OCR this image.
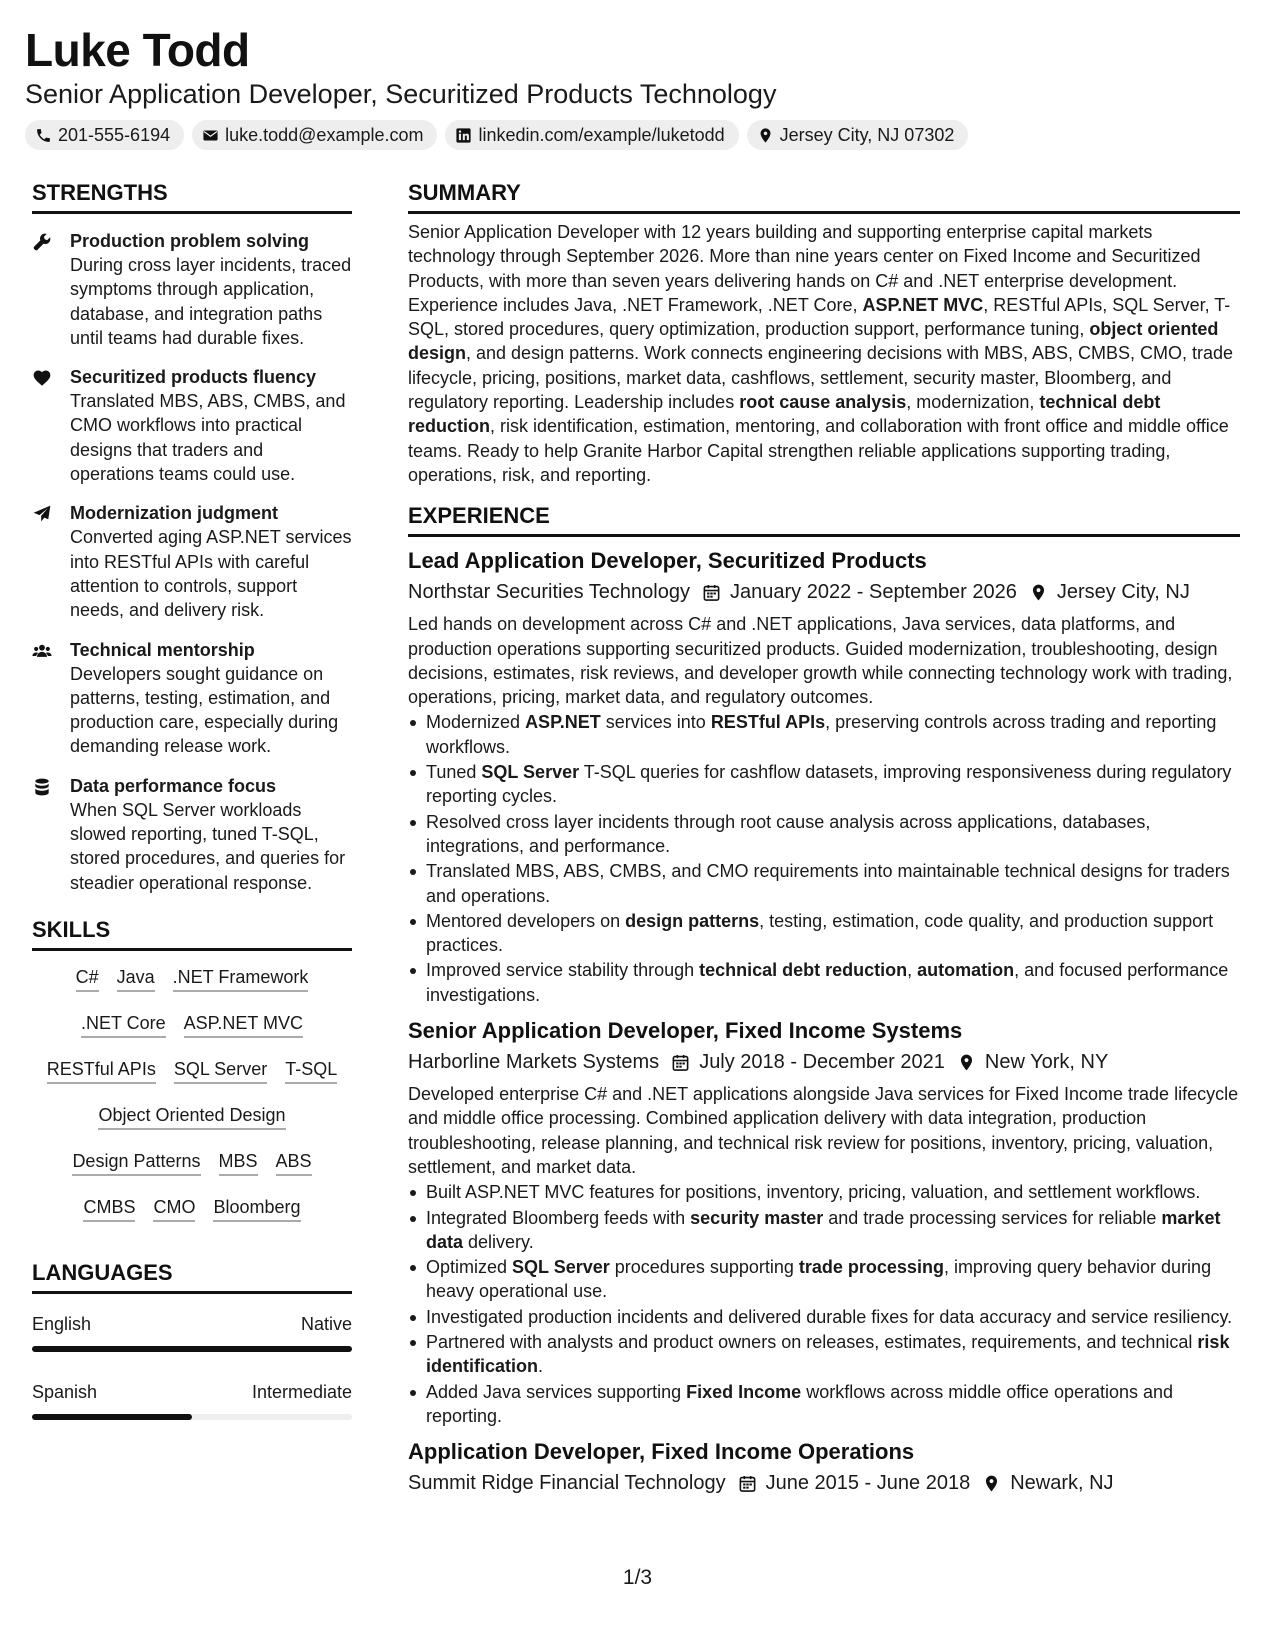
Luke Todd
Senior Application Developer, Securitized Products Technology
201-555-6194	luke.todd@example.com	linkedin.com/example/luketodd	Jersey City, NJ 07302
STRENGTHS
Production problem solving
During cross layer incidents, traced symptoms through application, database, and integration paths until teams had durable fixes.
Securitized products fluency
Translated MBS, ABS, CMBS, and CMO workflows into practical designs that traders and operations teams could use.
Modernization judgment
Converted aging ASP.NET services into RESTful APIs with careful attention to controls, support needs, and delivery risk.
Technical mentorship
Developers sought guidance on patterns, testing, estimation, and production care, especially during demanding release work.
Data performance focus
When SQL Server workloads slowed reporting, tuned T-SQL, stored procedures, and queries for steadier operational response.
SKILLS
C# Java .NET Framework
.NET Core ASP.NET MVC
RESTful APIs SQL Server T-SQL
Object Oriented Design
Design Patterns MBS ABS
CMBS CMO Bloomberg
LANGUAGES
English	Native
Spanish	Intermediate
SUMMARY
Senior Application Developer with 12 years building and supporting enterprise capital markets technology through September 2026. More than nine years center on Fixed Income and Securitized Products, with more than seven years delivering hands on C# and .NET enterprise development. Experience includes Java, .NET Framework, .NET Core, ASP.NET MVC, RESTful APIs, SQL Server, T-SQL, stored procedures, query optimization, production support, performance tuning, object oriented design, and design patterns. Work connects engineering decisions with MBS, ABS, CMBS, CMO, trade lifecycle, pricing, positions, market data, cashflows, settlement, security master, Bloomberg, and regulatory reporting. Leadership includes root cause analysis, modernization, technical debt reduction, risk identification, estimation, mentoring, and collaboration with front office and middle office teams. Ready to help Granite Harbor Capital strengthen reliable applications supporting trading, operations, risk, and reporting.
EXPERIENCE
Lead Application Developer, Securitized Products
Northstar Securities Technology January 2022 - September 2026 Jersey City, NJ
Led hands on development across C# and .NET applications, Java services, data platforms, and production operations supporting securitized products. Guided modernization, troubleshooting, design decisions, estimates, risk reviews, and developer growth while connecting technology work with trading, operations, pricing, market data, and regulatory outcomes.
Modernized ASP.NET services into RESTful APIs, preserving controls across trading and reporting workflows.
Tuned SQL Server T-SQL queries for cashflow datasets, improving responsiveness during regulatory reporting cycles.
Resolved cross layer incidents through root cause analysis across applications, databases, integrations, and performance.
Translated MBS, ABS, CMBS, and CMO requirements into maintainable technical designs for traders and operations.
Mentored developers on design patterns, testing, estimation, code quality, and production support practices.
Improved service stability through technical debt reduction, automation, and focused performance investigations.
Senior Application Developer, Fixed Income Systems
Harborline Markets Systems July 2018 - December 2021 New York, NY
Developed enterprise C# and .NET applications alongside Java services for Fixed Income trade lifecycle and middle office processing. Combined application delivery with data integration, production troubleshooting, release planning, and technical risk review for positions, inventory, pricing, valuation, settlement, and market data.
Built ASP.NET MVC features for positions, inventory, pricing, valuation, and settlement workflows.
Integrated Bloomberg feeds with security master and trade processing services for reliable market data delivery.
Optimized SQL Server procedures supporting trade processing, improving query behavior during heavy operational use.
Investigated production incidents and delivered durable fixes for data accuracy and service resiliency.
Partnered with analysts and product owners on releases, estimates, requirements, and technical risk identification.
Added Java services supporting Fixed Income workflows across middle office operations and reporting.
Application Developer, Fixed Income Operations
Summit Ridge Financial Technology June 2015 - June 2018 Newark, NJ
1/3
